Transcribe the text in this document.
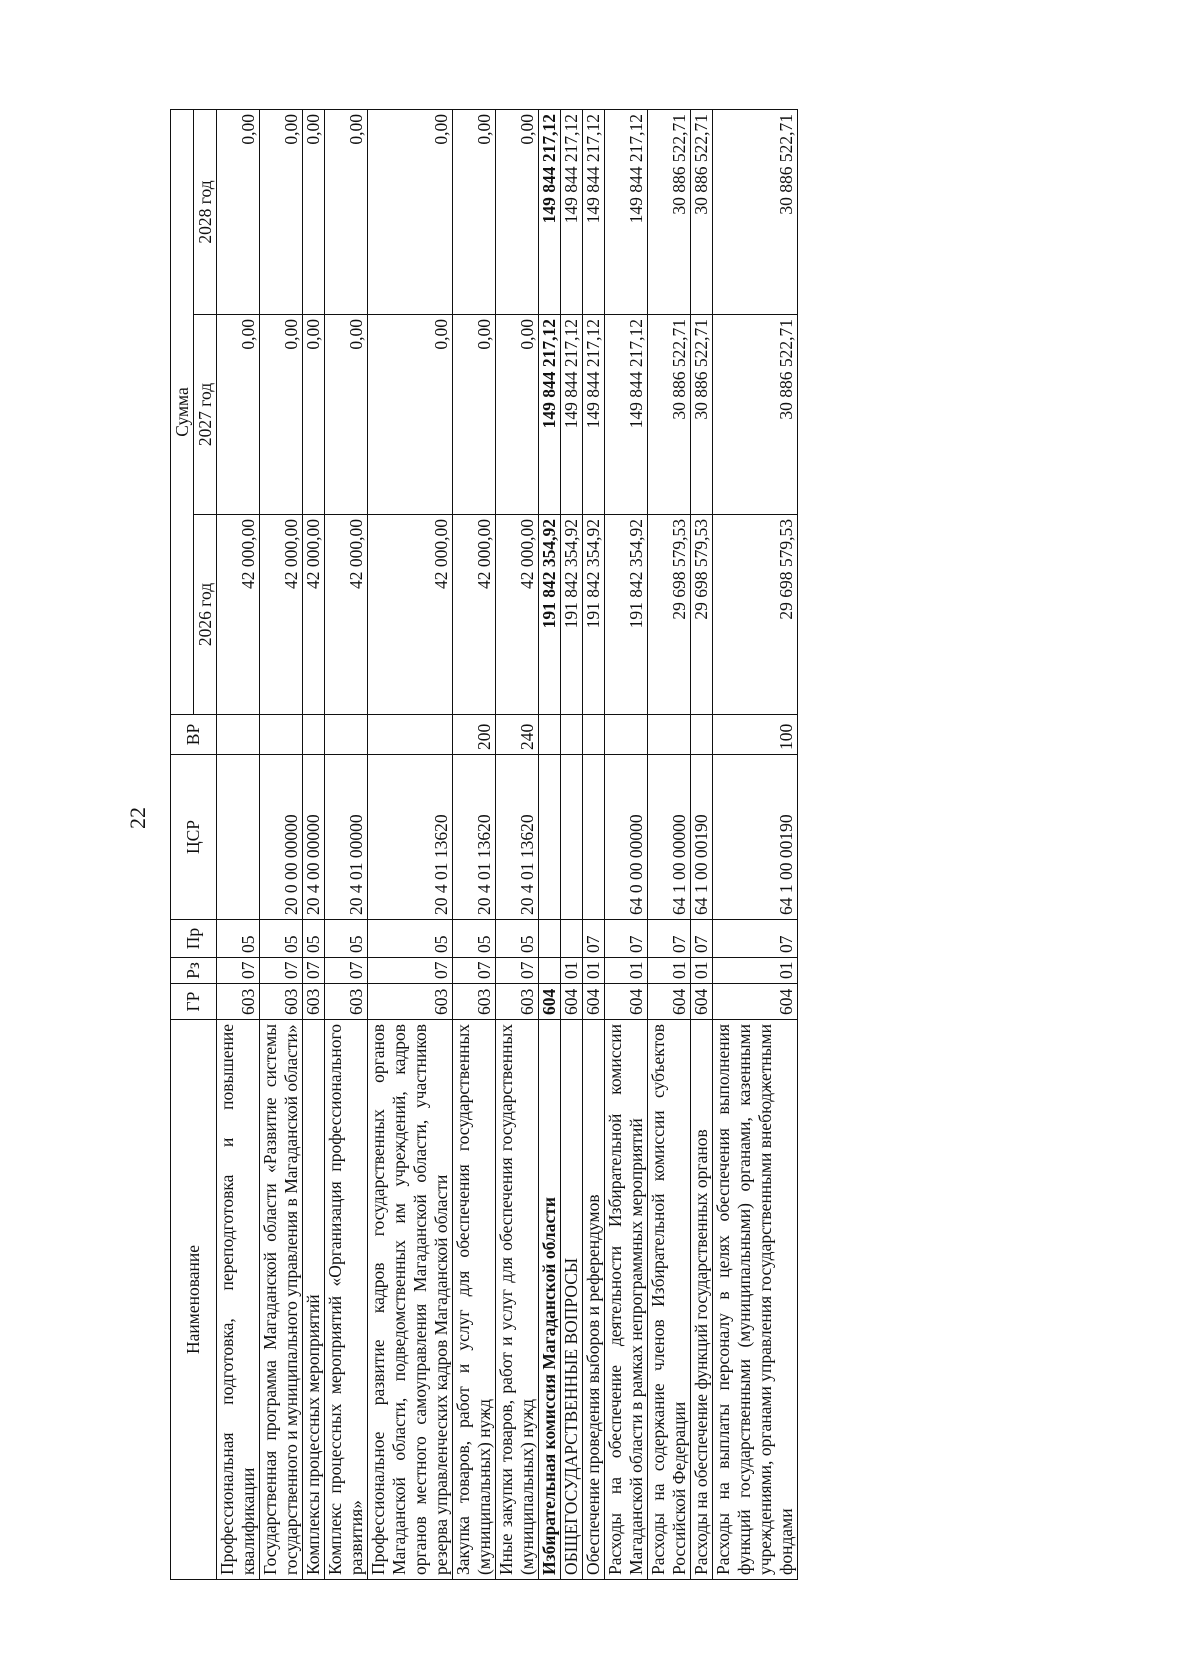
22
Наименование	ГР	Рз	Пр	ЦСР	ВР	Сумма		
						2026 год	2027 год	2028 год
Профессиональная подготовка, переподготовка и повышение квалификации	603	07	05			42 000,00	0,00	0,00
Государственная программа Магаданской области «Развитие системы государственного и муниципального управления в Магаданской области»	603	07	05	20 0 00 00000		42 000,00	0,00	0,00
Комплексы процессных мероприятий	603	07	05	20 4 00 00000		42 000,00	0,00	0,00
Комплекс процессных мероприятий «Организация профессионального развития»	603	07	05	20 4 01 00000		42 000,00	0,00	0,00
Профессиональное развитие кадров государственных органов Магаданской области, подведомственных им учреждений, кадров органов местного самоуправления Магаданской области, участников резерва управленческих кадров Магаданской области	603	07	05	20 4 01 13620		42 000,00	0,00	0,00
Закупка товаров, работ и услуг для обеспечения государственных (муниципальных) нужд	603	07	05	20 4 01 13620	200	42 000,00	0,00	0,00
Иные закупки товаров, работ и услуг для обеспечения государственных (муниципальных) нужд	603	07	05	20 4 01 13620	240	42 000,00	0,00	0,00
Избирательная комиссия Магаданской области	604					191 842 354,92	149 844 217,12	149 844 217,12
ОБЩЕГОСУДАРСТВЕННЫЕ ВОПРОСЫ	604	01				191 842 354,92	149 844 217,12	149 844 217,12
Обеспечение проведения выборов и референдумов	604	01	07			191 842 354,92	149 844 217,12	149 844 217,12
Расходы на обеспечение деятельности Избирательной комиссии Магаданской области в рамках непрограммных мероприятий	604	01	07	64 0 00 00000		191 842 354,92	149 844 217,12	149 844 217,12
Расходы на содержание членов Избирательной комиссии субъектов Российской Федерации	604	01	07	64 1 00 00000		29 698 579,53	30 886 522,71	30 886 522,71
Расходы на обеспечение функций государственных органов	604	01	07	64 1 00 00190		29 698 579,53	30 886 522,71	30 886 522,71
Расходы на выплаты персоналу в целях обеспечения выполнения функций государственными (муниципальными) органами, казенными учреждениями, органами управления государственными внебюджетными фондами	604	01	07	64 1 00 00190	100	29 698 579,53	30 886 522,71	30 886 522,71
